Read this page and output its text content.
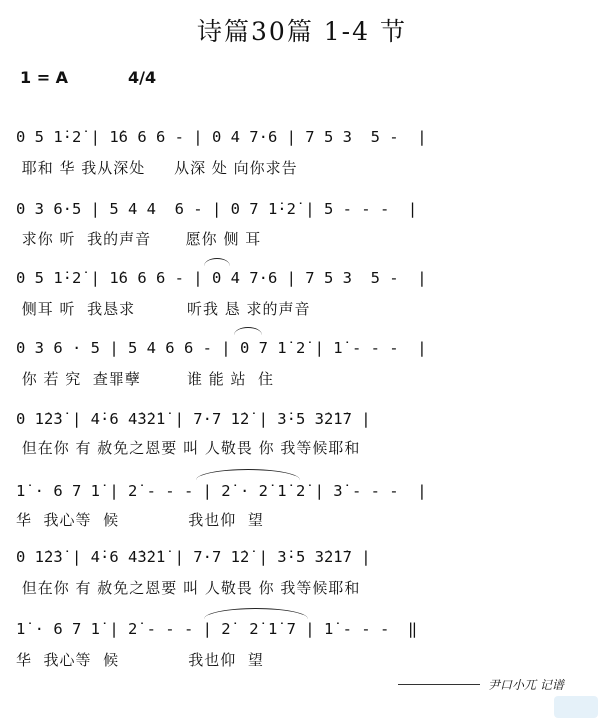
诗篇30篇 1-4 节
1 = A	4/4
0 5 1̇·2̇ | 1̇6 6 6 - | 0 4 7·6 | 7 5 3  5 -  |
耶和 华 我从深处     从深 处 向你求告
0 3 6·5 | 5 4 4  6 - | 0 7 1̇·2̇ | 5 - - -  |
求你 听  我的声音      愿你 侧 耳
0 5 1̇·2̇ | 1̇6 6 6 - | 0 4 7·6 | 7 5 3  5 -  |
侧耳 听  我恳求         听我 恳 求的声音
0 3 6 · 5 | 5 4 6 6 - | 0 7 1̇ 2̇ | 1̇ - - -  |
你 若 究  查罪孽        谁 能 站  住
0 1̇2̇3̇ | 4̇·6 4̇3̇2̇1̇ | 7·7 1̇2̇ | 3̇·5 3̇2̇1̇7 |
但在你 有 赦免之恩要 叫 人敬畏 你 我等候耶和
1̇ · 6 7 1̇ | 2̇ - - - | 2̇ · 2̇ 1̇ 2̇ | 3̇ - - -  |
华  我心等  候            我也仰  望
0 1̇2̇3̇ | 4̇·6 4̇3̇2̇1̇ | 7·7 1̇2̇ | 3̇·5 3̇2̇1̇7 |
但在你 有 赦免之恩要 叫 人敬畏 你 我等候耶和
1̇ · 6 7 1̇ | 2̇ - - - | 2̇  2̇ 1̇ 7 | 1̇ - - -  ‖
华  我心等  候            我也仰  望
尹口小兀 记谱
